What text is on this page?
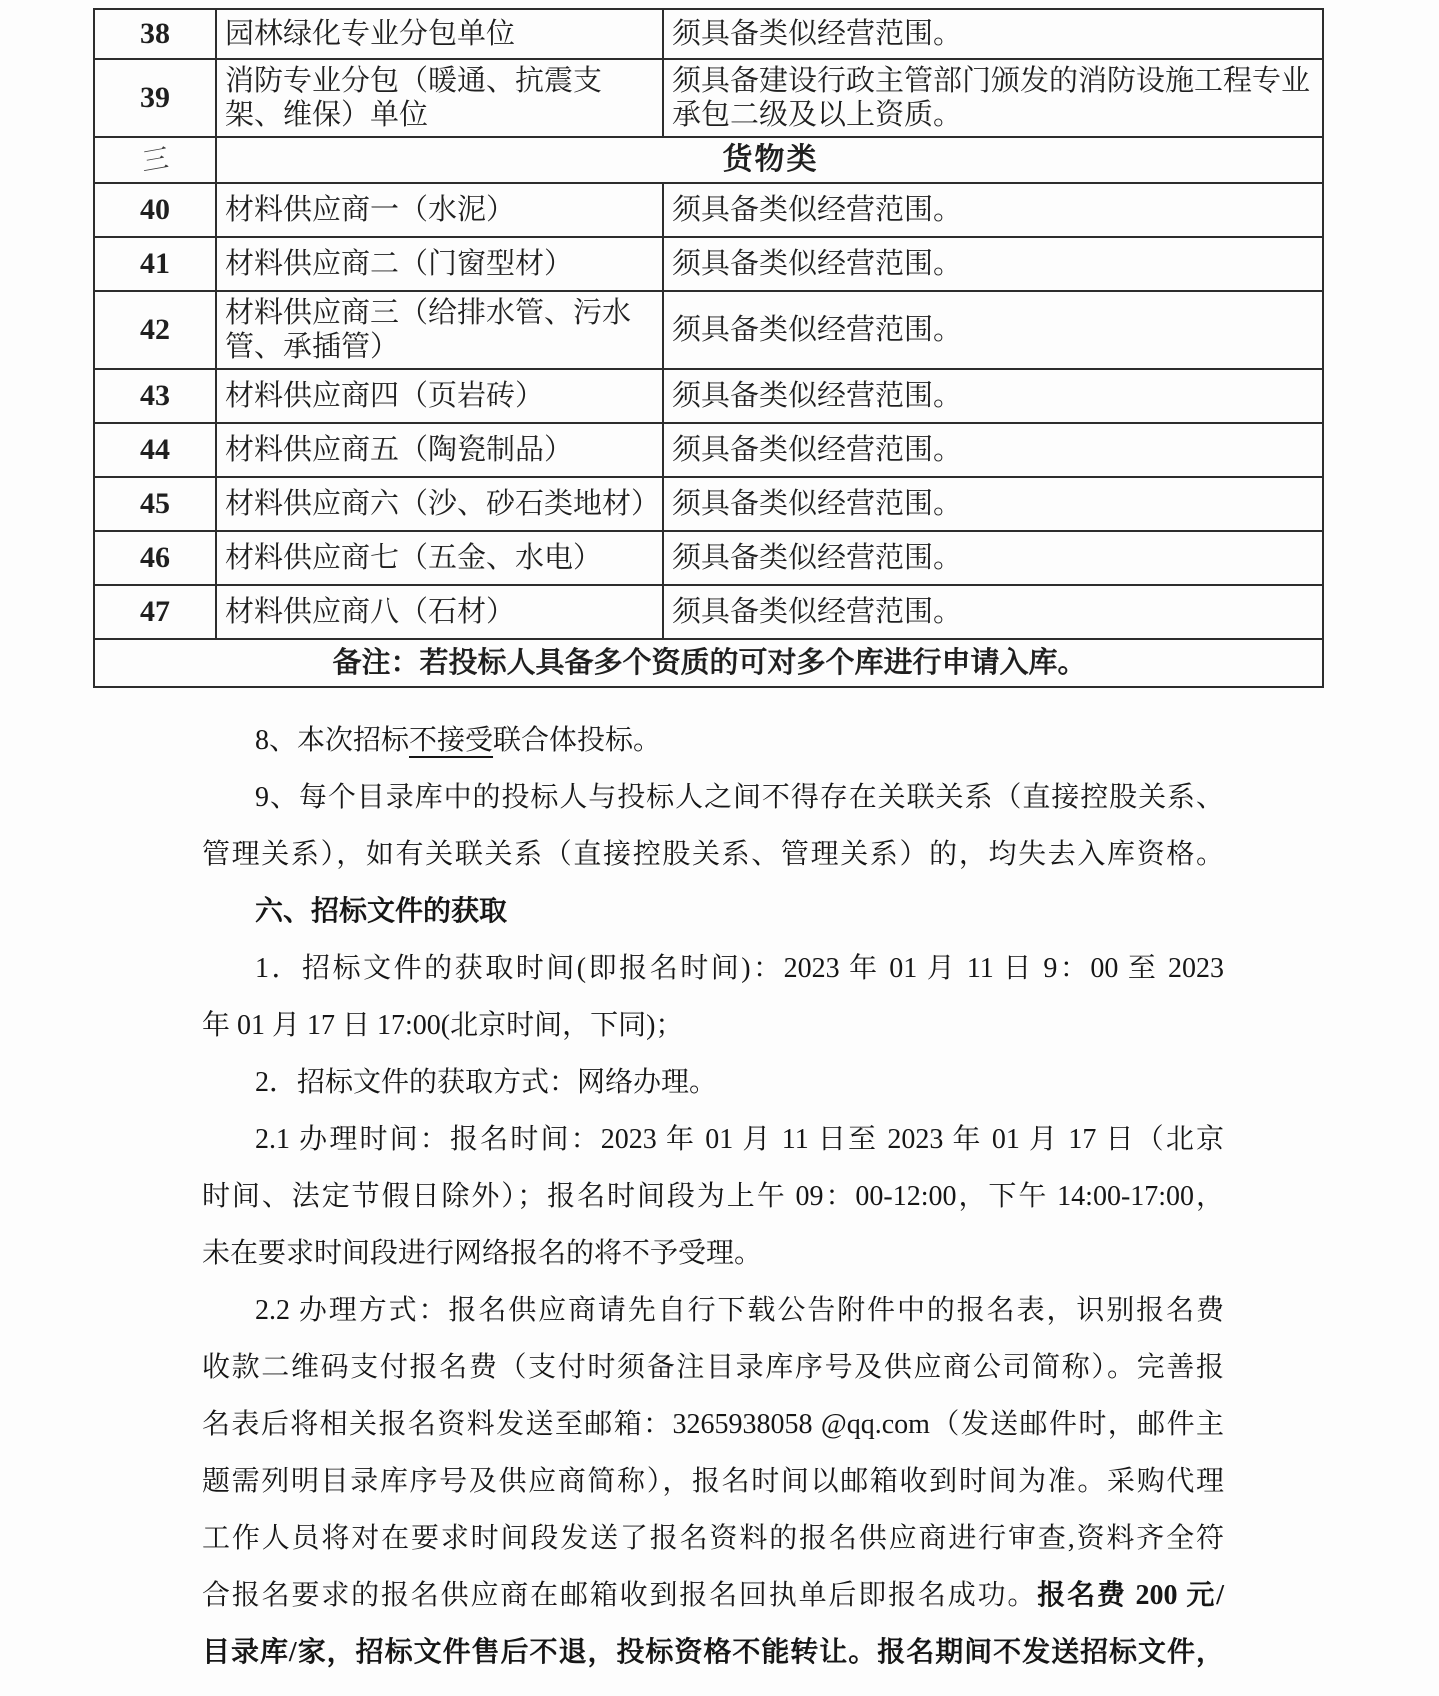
38	园林绿化专业分包单位	须具备类似经营范围。
39	消防专业分包（暖通、抗震支架、维保）单位	须具备建设行政主管部门颁发的消防设施工程专业承包二级及以上资质。
三	货物类	
40	材料供应商一（水泥）	须具备类似经营范围。
41	材料供应商二（门窗型材）	须具备类似经营范围。
42	材料供应商三（给排水管、污水管、承插管）	须具备类似经营范围。
43	材料供应商四（页岩砖）	须具备类似经营范围。
44	材料供应商五（陶瓷制品）	须具备类似经营范围。
45	材料供应商六（沙、砂石类地材）	须具备类似经营范围。
46	材料供应商七（五金、水电）	须具备类似经营范围。
47	材料供应商八（石材）	须具备类似经营范围。
备注：若投标人具备多个资质的可对多个库进行申请入库。		
8、本次招标不接受联合体投标。
9、每个目录库中的投标人与投标人之间不得存在关联关系（直接控股关系、
管理关系），如有关联关系（直接控股关系、管理关系）的，均失去入库资格。
六、招标文件的获取
1．招标文件的获取时间(即报名时间)：2023 年 01 月 11 日 9：00 至 2023
年 01 月 17 日 17:00(北京时间，下同)；
2．招标文件的获取方式：网络办理。
2.1 办理时间：报名时间：2023 年 01 月 11 日至 2023 年 01 月 17 日（北京
时间、法定节假日除外）；报名时间段为上午 09：00-12:00，下午 14:00-17:00，
未在要求时间段进行网络报名的将不予受理。
2.2 办理方式：报名供应商请先自行下载公告附件中的报名表，识别报名费
收款二维码支付报名费（支付时须备注目录库序号及供应商公司简称）。完善报
名表后将相关报名资料发送至邮箱：3265938058 @qq.com（发送邮件时，邮件主
题需列明目录库序号及供应商简称），报名时间以邮箱收到时间为准。采购代理
工作人员将对在要求时间段发送了报名资料的报名供应商进行审查,资料齐全符
合报名要求的报名供应商在邮箱收到报名回执单后即报名成功。报名费 200 元/
目录库/家，招标文件售后不退，投标资格不能转让。报名期间不发送招标文件，
